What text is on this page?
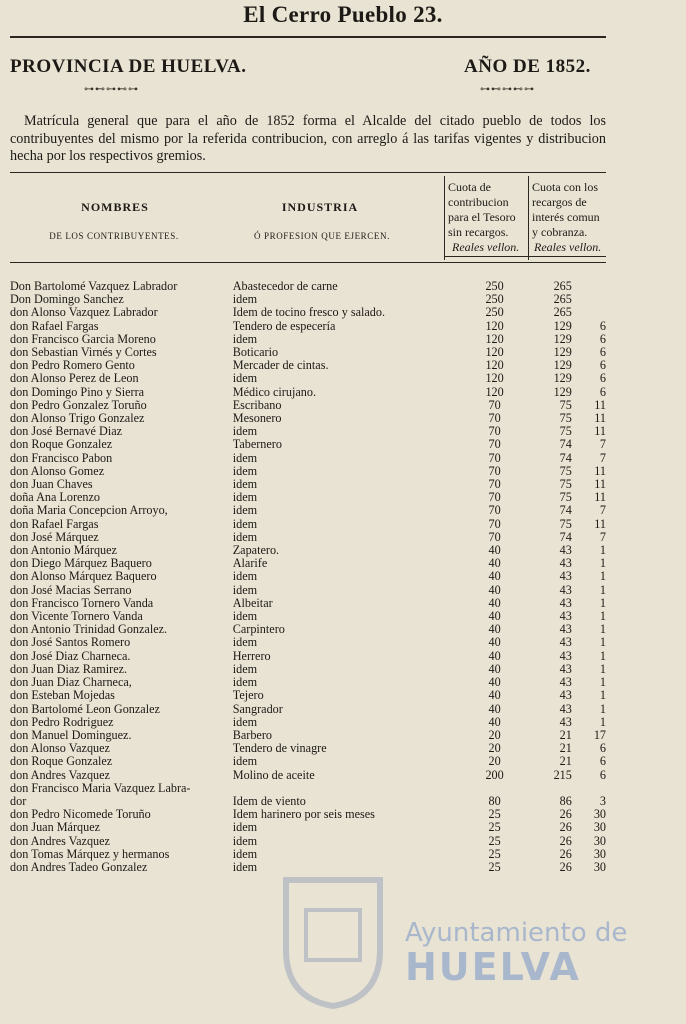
El Cerro Pueblo 23.
PROVINCIA DE HUELVA.	AÑO DE 1852.
⊶⊷⊶⊷⊶	⊶⊷⊶⊷⊶
Matrícula general que para el año de 1852 forma el Alcalde del citado pueblo de todos los contribuyentes del mismo por la referida contribucion, con arreglo á las tarifas vigentes y distribucion hecha por los respectivos gremios.
NOMBRES
DE LOS CONTRIBUYENTES.
INDUSTRIA
Ó PROFESION QUE EJERCEN.
Cuota de contribucion para el Tesoro sin recargos.
Cuota con los recargos de interés comun y cobranza.
Reales vellon. Reales vellon.
Don Bartolomé Vazquez Labrador	Abastecedor de carne	250	265	
Don Domingo Sanchez	idem	250	265	
don Alonso Vazquez Labrador	Idem de tocino fresco y salado.	250	265	
don Rafael Fargas	Tendero de especería	120	129	6
don Francisco Garcia Moreno	idem	120	129	6
don Sebastian Virnés y Cortes	Boticario	120	129	6
don Pedro Romero Gento	Mercader de cintas.	120	129	6
don Alonso Perez de Leon	idem	120	129	6
don Domingo Pino y Sierra	Médico cirujano.	120	129	6
don Pedro Gonzalez Toruño	Escribano	70	75	11
don Alonso Trigo Gonzalez	Mesonero	70	75	11
don José Bernavé Diaz	idem	70	75	11
don Roque Gonzalez	Tabernero	70	74	7
don Francisco Pabon	idem	70	74	7
don Alonso Gomez	idem	70	75	11
don Juan Chaves	idem	70	75	11
doña Ana Lorenzo	idem	70	75	11
doña Maria Concepcion Arroyo,	idem	70	74	7
don Rafael Fargas	idem	70	75	11
don José Márquez	idem	70	74	7
don Antonio Márquez	Zapatero.	40	43	1
don Diego Márquez Baquero	Alarife	40	43	1
don Alonso Márquez Baquero	idem	40	43	1
don José Macias Serrano	idem	40	43	1
don Francisco Tornero Vanda	Albeitar	40	43	1
don Vicente Tornero Vanda	idem	40	43	1
don Antonio Trinidad Gonzalez.	Carpintero	40	43	1
don José Santos Romero	idem	40	43	1
don José Diaz Charneca.	Herrero	40	43	1
don Juan Diaz Ramirez.	idem	40	43	1
don Juan Diaz Charneca,	idem	40	43	1
don Esteban Mojedas	Tejero	40	43	1
don Bartolomé Leon Gonzalez	Sangrador	40	43	1
don Pedro Rodriguez	idem	40	43	1
don Manuel Dominguez.	Barbero	20	21	17
don Alonso Vazquez	Tendero de vinagre	20	21	6
don Roque Gonzalez	idem	20	21	6
don Andres Vazquez	Molino de aceite	200	215	6
don Francisco Maria Vazquez Labra-				
dor	Idem de viento	80	86	3
don Pedro Nicomede Toruño	Idem harinero por seis meses	25	26	30
don Juan Márquez	idem	25	26	30
don Andres Vazquez	idem	25	26	30
don Tomas Márquez y hermanos	idem	25	26	30
don Andres Tadeo Gonzalez	idem	25	26	30
Ayuntamiento de
HUELVA
